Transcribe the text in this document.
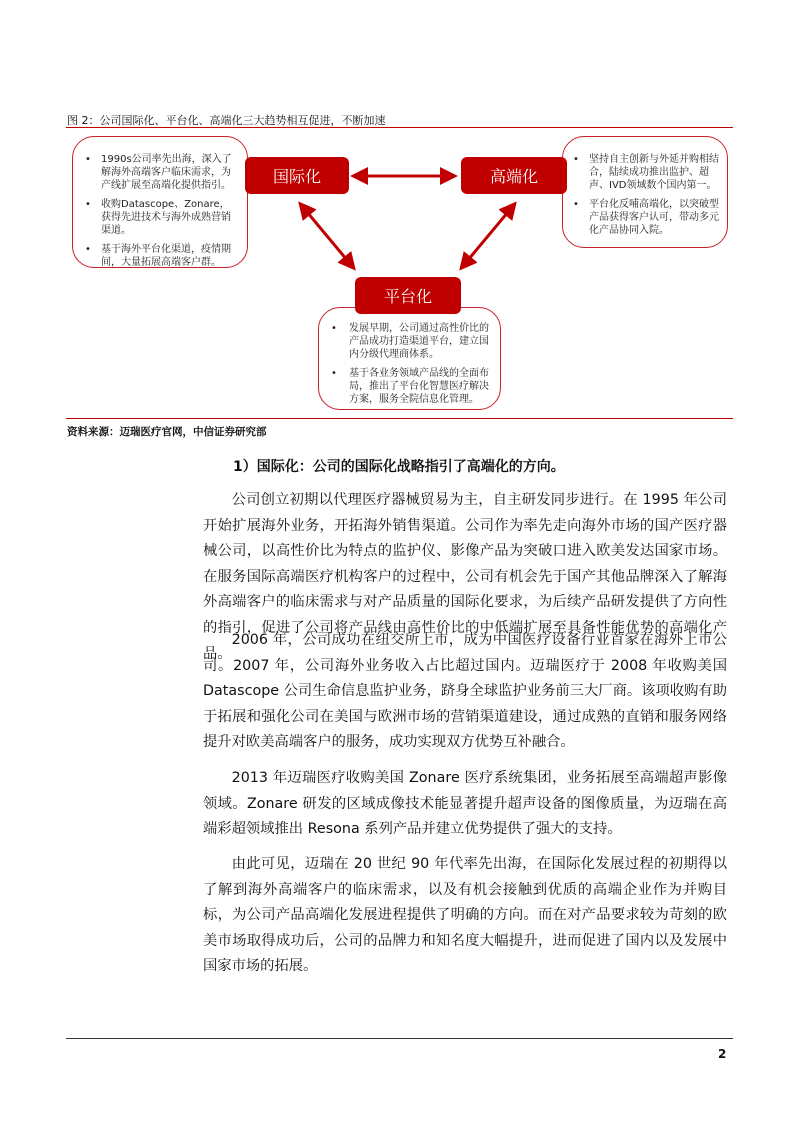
图 2：公司国际化、平台化、高端化三大趋势相互促进，不断加速
• 1990s公司率先出海，深入了解海外高端客户临床需求，为产线扩展至高端化提供指引。
• 收购Datascope、Zonare，获得先进技术与海外成熟营销渠道。
• 基于海外平台化渠道，疫情期间，大量拓展高端客户群。
国际化
• 坚持自主创新与外延并购相结合，陆续成功推出监护、超声、IVD领域数个国内第一。
• 平台化反哺高端化，以突破型产品获得客户认可，带动多元化产品协同入院。
高端化
• 发展早期，公司通过高性价比的产品成功打造渠道平台，建立国内分级代理商体系。
• 基于各业务领域产品线的全面布局，推出了平台化智慧医疗解决方案，服务全院信息化管理。
平台化
资料来源：迈瑞医疗官网，中信证券研究部
1）国际化：公司的国际化战略指引了高端化的方向。

公司创立初期以代理医疗器械贸易为主，自主研发同步进行。在 1995 年公司开始扩展海外业务，开拓海外销售渠道。公司作为率先走向海外市场的国产医疗器械公司，以高性价比为特点的监护仪、影像产品为突破口进入欧美发达国家市场。在服务国际高端医疗机构客户的过程中，公司有机会先于国产其他品牌深入了解海外高端客户的临床需求与对产品质量的国际化要求，为后续产品研发提供了方向性的指引，促进了公司将产品线由高性价比的中低端扩展至具备性能优势的高端化产品。

2006 年，公司成功在纽交所上市，成为中国医疗设备行业首家在海外上市公司。2007 年，公司海外业务收入占比超过国内。迈瑞医疗于 2008 年收购美国 Datascope 公司生命信息监护业务，跻身全球监护业务前三大厂商。该项收购有助于拓展和强化公司在美国与欧洲市场的营销渠道建设，通过成熟的直销和服务网络提升对欧美高端客户的服务，成功实现双方优势互补融合。

2013 年迈瑞医疗收购美国 Zonare 医疗系统集团，业务拓展至高端超声影像领域。Zonare 研发的区域成像技术能显著提升超声设备的图像质量，为迈瑞在高端彩超领域推出 Resona 系列产品并建立优势提供了强大的支持。

由此可见，迈瑞在 20 世纪 90 年代率先出海，在国际化发展过程的初期得以了解到海外高端客户的临床需求，以及有机会接触到优质的高端企业作为并购目标，为公司产品高端化发展进程提供了明确的方向。而在对产品要求较为苛刻的欧美市场取得成功后，公司的品牌力和知名度大幅提升，进而促进了国内以及发展中国家市场的拓展。

2
